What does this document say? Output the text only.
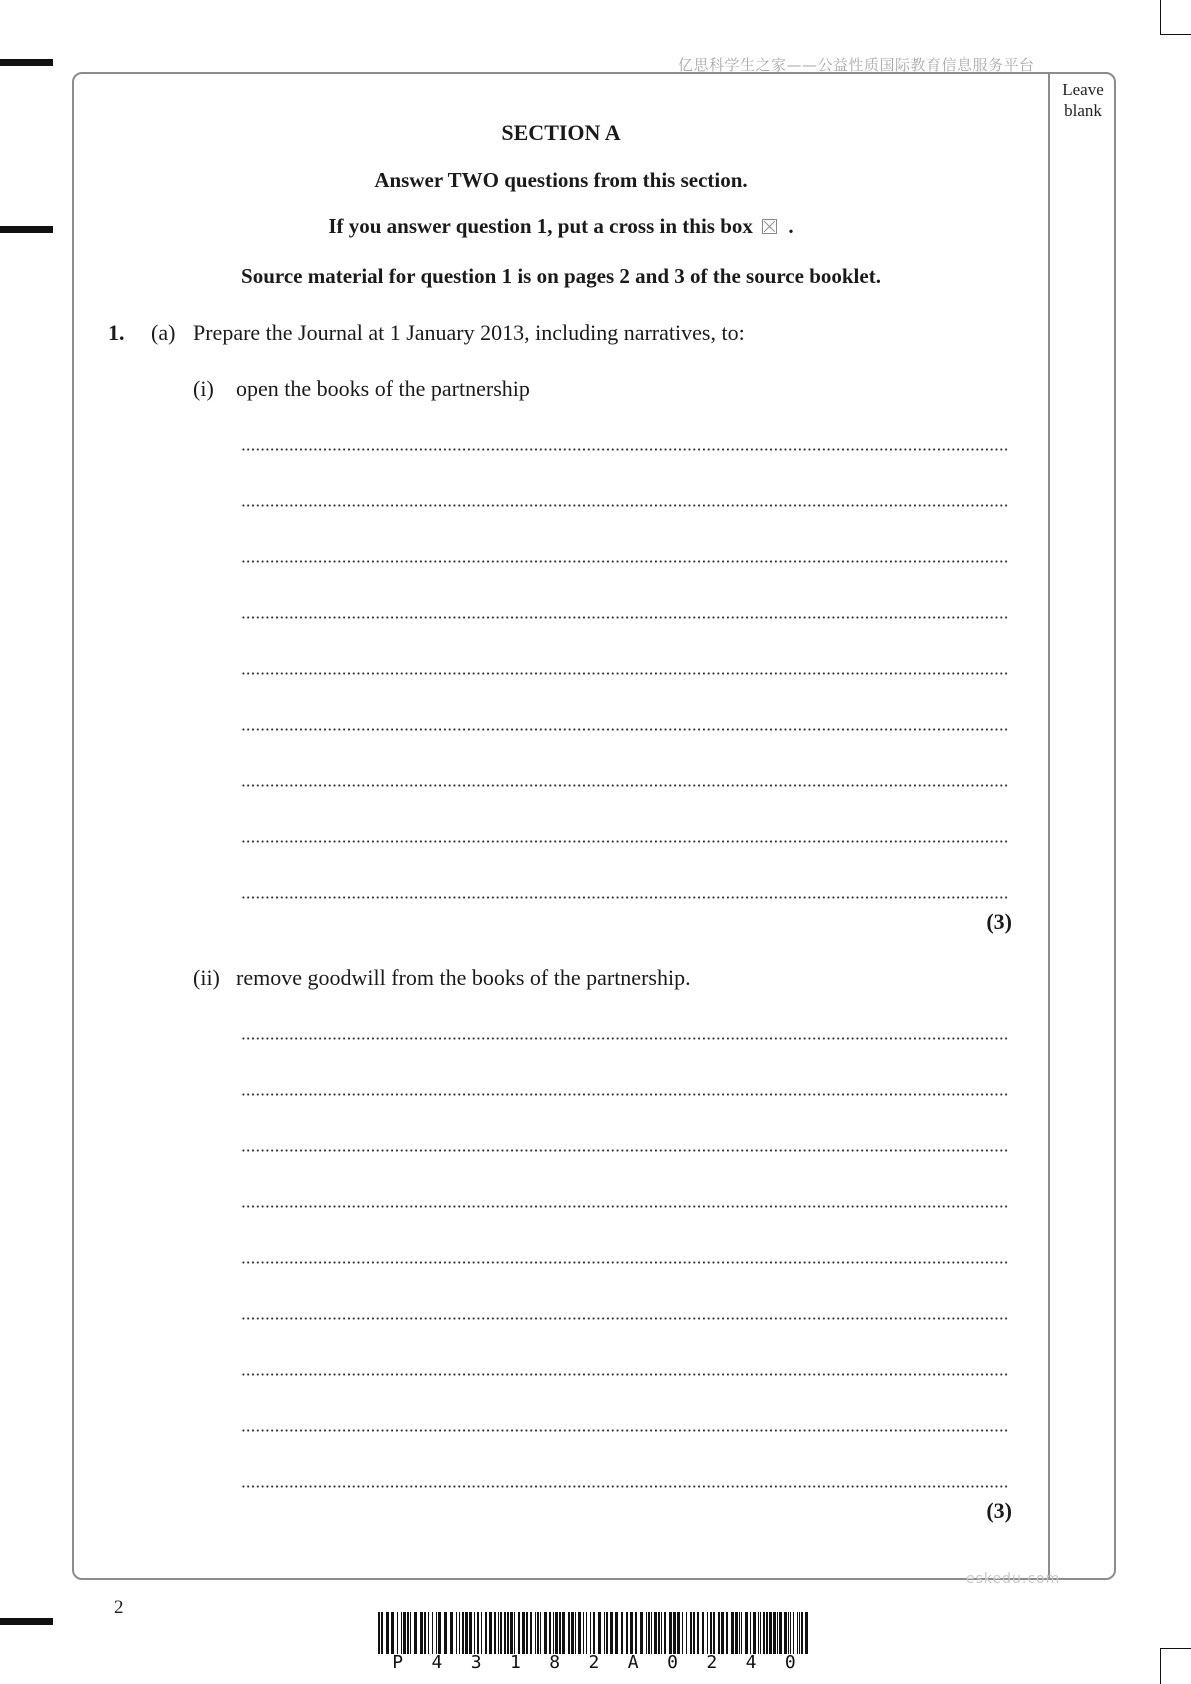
亿思科学生之家——公益性质国际教育信息服务平台
Leave blank
SECTION A
Answer TWO questions from this section.
If you answer question 1, put a cross in this box ☒ .
Source material for question 1 is on pages 2 and 3 of the source booklet.
1. (a) Prepare the Journal at 1 January 2013, including narratives, to:
(i) open the books of the partnership
(3)
(ii) remove goodwill from the books of the partnership.
(3)
eskedu.com
2
P 4 3 1 8 2 A 0 2 4 0
